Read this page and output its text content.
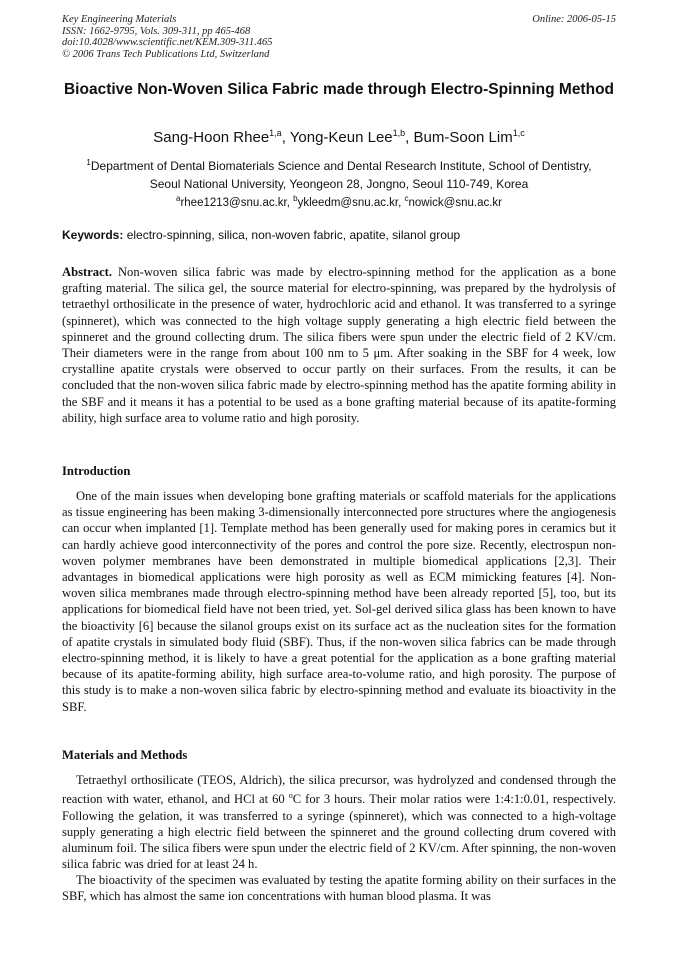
Key Engineering Materials
ISSN: 1662-9795, Vols. 309-311, pp 465-468
doi:10.4028/www.scientific.net/KEM.309-311.465
© 2006 Trans Tech Publications Ltd, Switzerland
Online: 2006-05-15
Bioactive Non-Woven Silica Fabric made through Electro-Spinning Method
Sang-Hoon Rhee$^{1,a}$, Yong-Keun Lee$^{1,b}$, Bum-Soon Lim$^{1,c}$
$^1$Department of Dental Biomaterials Science and Dental Research Institute, School of Dentistry,
Seoul National University, Yeongeon 28, Jongno, Seoul 110-749, Korea
$^a$rhee1213@snu.ac.kr, $^b$ykleedm@snu.ac.kr, $^c$nowick@snu.ac.kr
Keywords: electro-spinning, silica, non-woven fabric, apatite, silanol group
Abstract. Non-woven silica fabric was made by electro-spinning method for the application as a bone grafting material. The silica gel, the source material for electro-spinning, was prepared by the hydrolysis of tetraethyl orthosilicate in the presence of water, hydrochloric acid and ethanol. It was transferred to a syringe (spinneret), which was connected to the high voltage supply generating a high electric field between the spinneret and the ground collecting drum. The silica fibers were spun under the electric field of 2 KV/cm. Their diameters were in the range from about 100 nm to 5 μm. After soaking in the SBF for 4 week, low crystalline apatite crystals were observed to occur partly on their surfaces. From the results, it can be concluded that the non-woven silica fabric made by electro-spinning method has the apatite forming ability in the SBF and it means it has a potential to be used as a bone grafting material because of its apatite-forming ability, high surface area to volume ratio and high porosity.
Introduction
One of the main issues when developing bone grafting materials or scaffold materials for the applications as tissue engineering has been making 3-dimensionally interconnected pore structures where the angiogenesis can occur when implanted [1]. Template method has been generally used for making pores in ceramics but it can hardly achieve good interconnectivity of the pores and control the pore size. Recently, electrospun non-woven polymer membranes have been demonstrated in multiple biomedical applications [2,3]. Their advantages in biomedical applications were high porosity as well as ECM mimicking features [4]. Non-woven silica membranes made through electro-spinning method have been already reported [5], too, but its applications for biomedical field have not been tried, yet. Sol-gel derived silica glass has been known to have the bioactivity [6] because the silanol groups exist on its surface act as the nucleation sites for the formation of apatite crystals in simulated body fluid (SBF). Thus, if the non-woven silica fabrics can be made through electro-spinning method, it is likely to have a great potential for the application as a bone grafting material because of its apatite-forming ability, high surface area-to-volume ratio, and high porosity. The purpose of this study is to make a non-woven silica fabric by electro-spinning method and evaluate its bioactivity in the SBF.
Materials and Methods
Tetraethyl orthosilicate (TEOS, Aldrich), the silica precursor, was hydrolyzed and condensed through the reaction with water, ethanol, and HCl at 60 $^o$C for 3 hours. Their molar ratios were 1:4:1:0.01, respectively. Following the gelation, it was transferred to a syringe (spinneret), which was connected to a high-voltage supply generating a high electric field between the spinneret and the ground collecting drum covered with aluminum foil. The silica fibers were spun under the electric field of 2 KV/cm. After spinning, the non-woven silica fabric was dried for at least 24 h.
The bioactivity of the specimen was evaluated by testing the apatite forming ability on their surfaces in the SBF, which has almost the same ion concentrations with human blood plasma. It was
